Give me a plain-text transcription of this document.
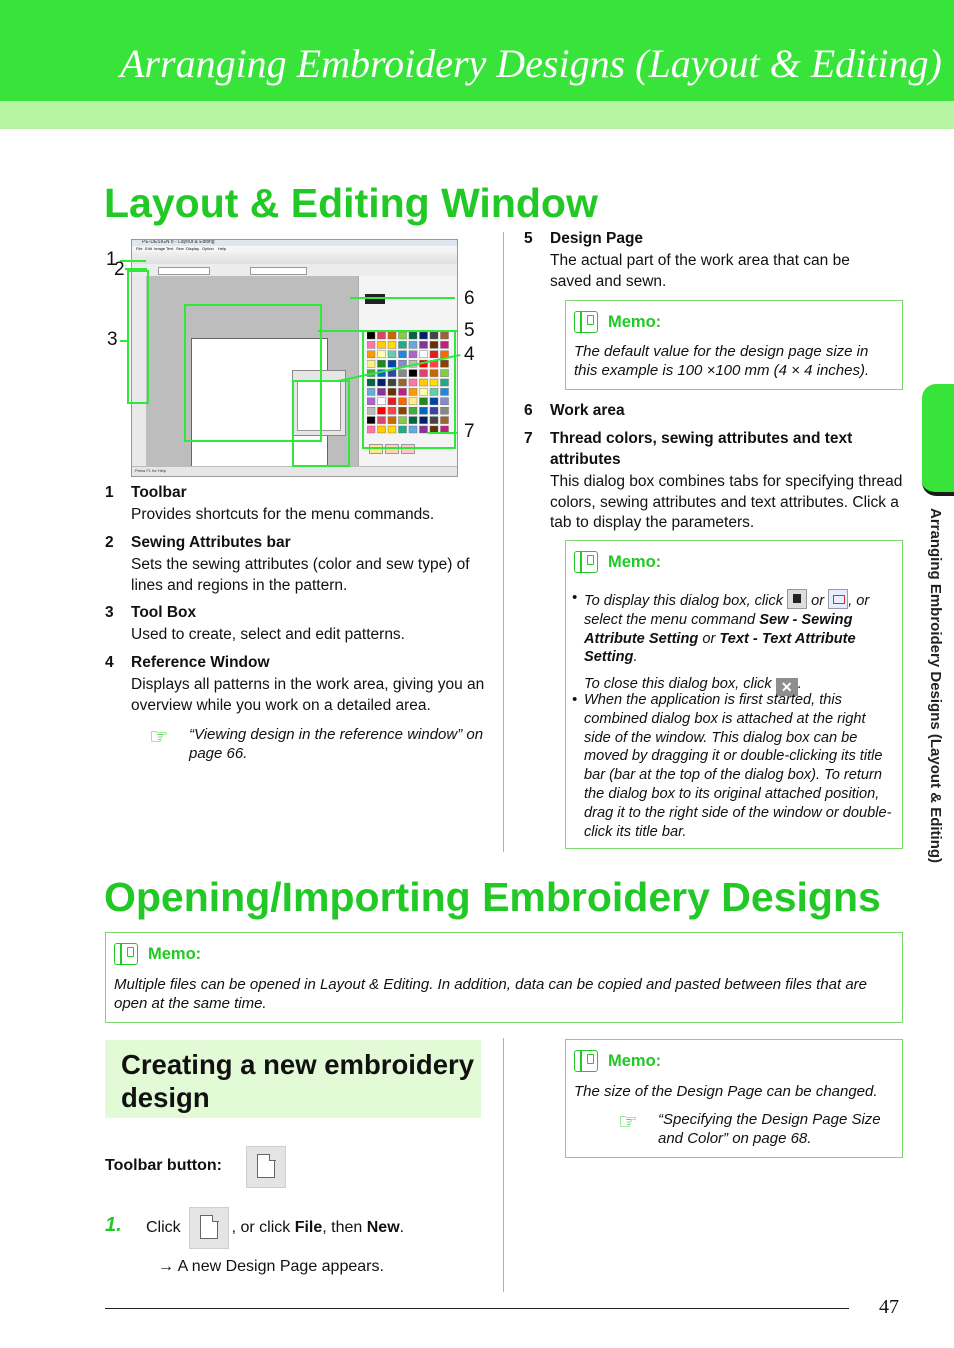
Arranging Embroidery Designs (Layout & Editing)
Arranging Embroidery Designs (Layout & Editing)
Layout & Editing Window
PE-DESIGN 8 - Layout & Editing
File Edit Image Text Sew Display Option Help
Press F1 for Help
1
2
3
6
5
4
7
1 Toolbar
Provides shortcuts for the menu commands.
2 Sewing Attributes bar
Sets the sewing attributes (color and sew type) of lines and regions in the pattern.
3 Tool Box
Used to create, select and edit patterns.
4 Reference Window
Displays all patterns in the work area, giving you an overview while you work on a detailed area.
☞ “Viewing design in the reference window” on page 66.
5 Design Page
The actual part of the work area that can be saved and sewn.
Memo:
The default value for the design page size in this example is 100 ×100 mm (4 × 4 inches).
6 Work area
7 Thread colors, sewing attributes and text attributes
This dialog box combines tabs for specifying thread colors, sewing attributes and text attributes. Click a tab to display the parameters.
Memo:
• To display this dialog box, click or , or select the menu command Sew - Sewing Attribute Setting or Text - Text Attribute Setting.
To close this dialog box, click ✕ .
• When the application is first started, this combined dialog box is attached at the right side of the window. This dialog box can be moved by dragging it or double-clicking its title bar (bar at the top of the dialog box). To return the dialog box to its original attached position, drag it to the right side of the window or double-click its title bar.
Opening/Importing Embroidery Designs
Memo:
Multiple files can be opened in Layout & Editing. In addition, data can be copied and pasted between files that are open at the same time.
Creating a new embroidery design
Toolbar button:
1. Click	, or click File, then New.
→ A new Design Page appears.
Memo:
The size of the Design Page can be changed.
☞ “Specifying the Design Page Size and Color” on page 68.
47
